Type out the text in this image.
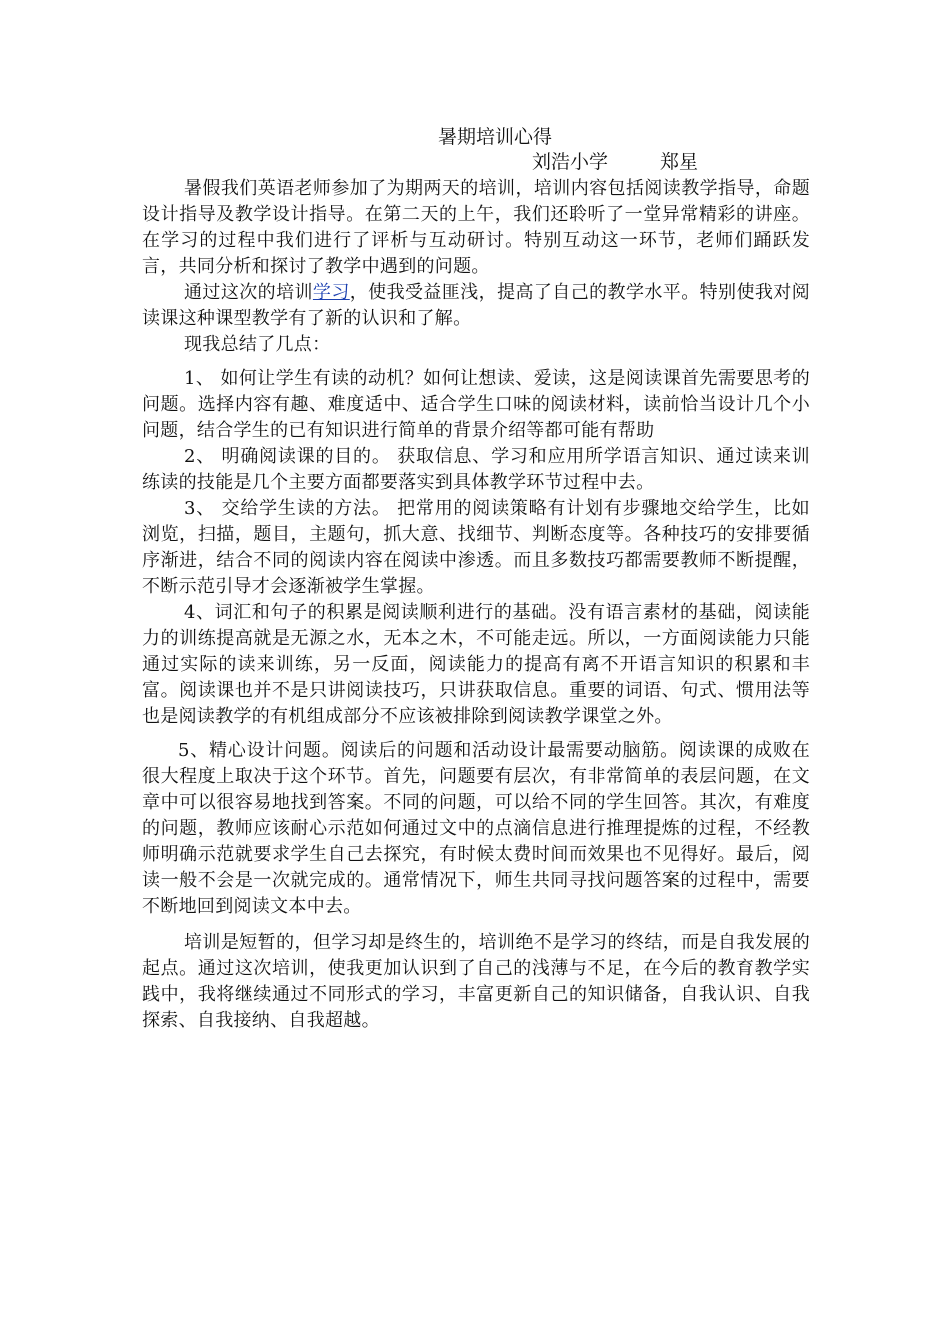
暑期培训心得
刘浩小学	郑星

暑假我们英语老师参加了为期两天的培训，培训内容包括阅读教学指导，命题设计指导及教学设计指导。在第二天的上午，我们还聆听了一堂异常精彩的讲座。在学习的过程中我们进行了评析与互动研讨。特别互动这一环节，老师们踊跃发言，共同分析和探讨了教学中遇到的问题。

通过这次的培训学习，使我受益匪浅，提高了自己的教学水平。特别使我对阅读课这种课型教学有了新的认识和了解。

现我总结了几点：

1、 如何让学生有读的动机？如何让想读、爱读，这是阅读课首先需要思考的问题。选择内容有趣、难度适中、适合学生口味的阅读材料，读前恰当设计几个小问题，结合学生的已有知识进行简单的背景介绍等都可能有帮助

2、 明确阅读课的目的。 获取信息、学习和应用所学语言知识、通过读来训练读的技能是几个主要方面都要落实到具体教学环节过程中去。

3、 交给学生读的方法。 把常用的阅读策略有计划有步骤地交给学生，比如浏览，扫描，题目，主题句，抓大意、找细节、判断态度等。各种技巧的安排要循序渐进，结合不同的阅读内容在阅读中渗透。而且多数技巧都需要教师不断提醒，不断示范引导才会逐渐被学生掌握。

4、词汇和句子的积累是阅读顺利进行的基础。没有语言素材的基础，阅读能力的训练提高就是无源之水，无本之木，不可能走远。所以，一方面阅读能力只能通过实际的读来训练，另一反面，阅读能力的提高有离不开语言知识的积累和丰富。阅读课也并不是只讲阅读技巧，只讲获取信息。重要的词语、句式、惯用法等也是阅读教学的有机组成部分不应该被排除到阅读教学课堂之外。

5、精心设计问题。阅读后的问题和活动设计最需要动脑筋。阅读课的成败在很大程度上取决于这个环节。首先，问题要有层次，有非常简单的表层问题，在文章中可以很容易地找到答案。不同的问题，可以给不同的学生回答。其次，有难度的问题，教师应该耐心示范如何通过文中的点滴信息进行推理提炼的过程，不经教师明确示范就要求学生自己去探究，有时候太费时间而效果也不见得好。最后，阅读一般不会是一次就完成的。通常情况下，师生共同寻找问题答案的过程中，需要不断地回到阅读文本中去。

培训是短暂的，但学习却是终生的，培训绝不是学习的终结，而是自我发展的起点。通过这次培训，使我更加认识到了自己的浅薄与不足，在今后的教育教学实践中，我将继续通过不同形式的学习，丰富更新自己的知识储备，自我认识、自我探索、自我接纳、自我超越。
